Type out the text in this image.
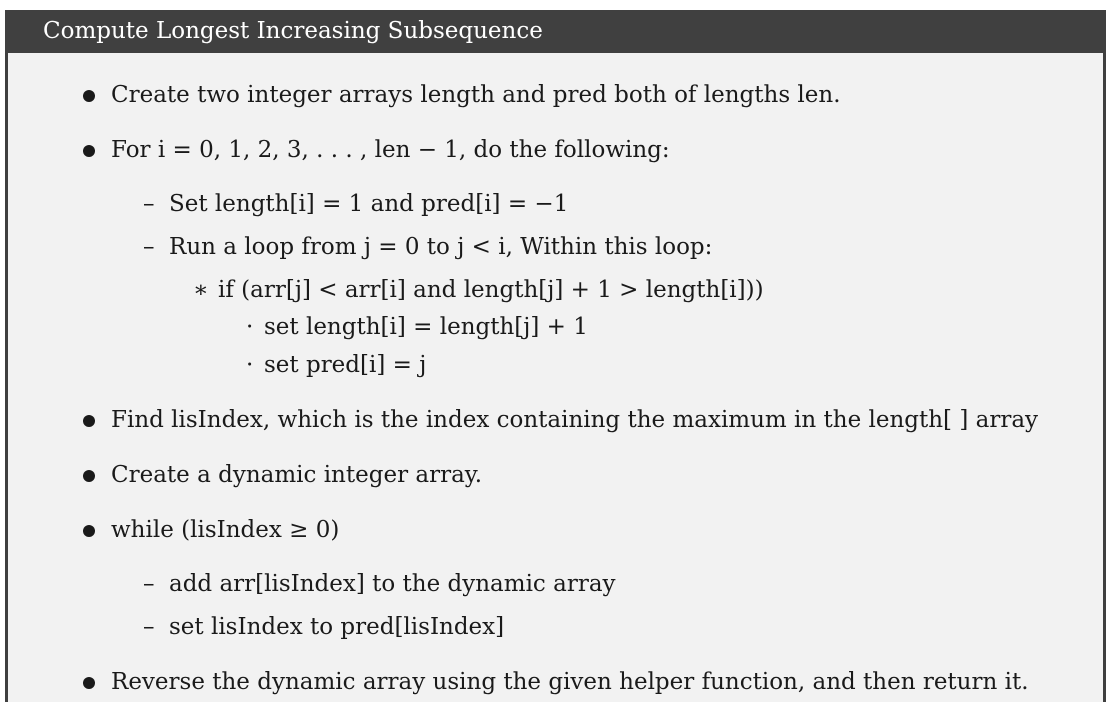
Compute Longest Increasing Subsequence
Create two integer arrays length and pred both of lengths len.
For i = 0, 1, 2, 3, . . . , len − 1, do the following:
– Set length[i] = 1 and pred[i] = −1
– Run a loop from j = 0 to j < i, Within this loop:
∗ if (arr[j] < arr[i] and length[j] + 1 > length[i]))
· set length[i] = length[j] + 1
· set pred[i] = j
Find lisIndex, which is the index containing the maximum in the length[ ] array
Create a dynamic integer array.
while (lisIndex ≥ 0)
– add arr[lisIndex] to the dynamic array
– set lisIndex to pred[lisIndex]
Reverse the dynamic array using the given helper function, and then return it.
